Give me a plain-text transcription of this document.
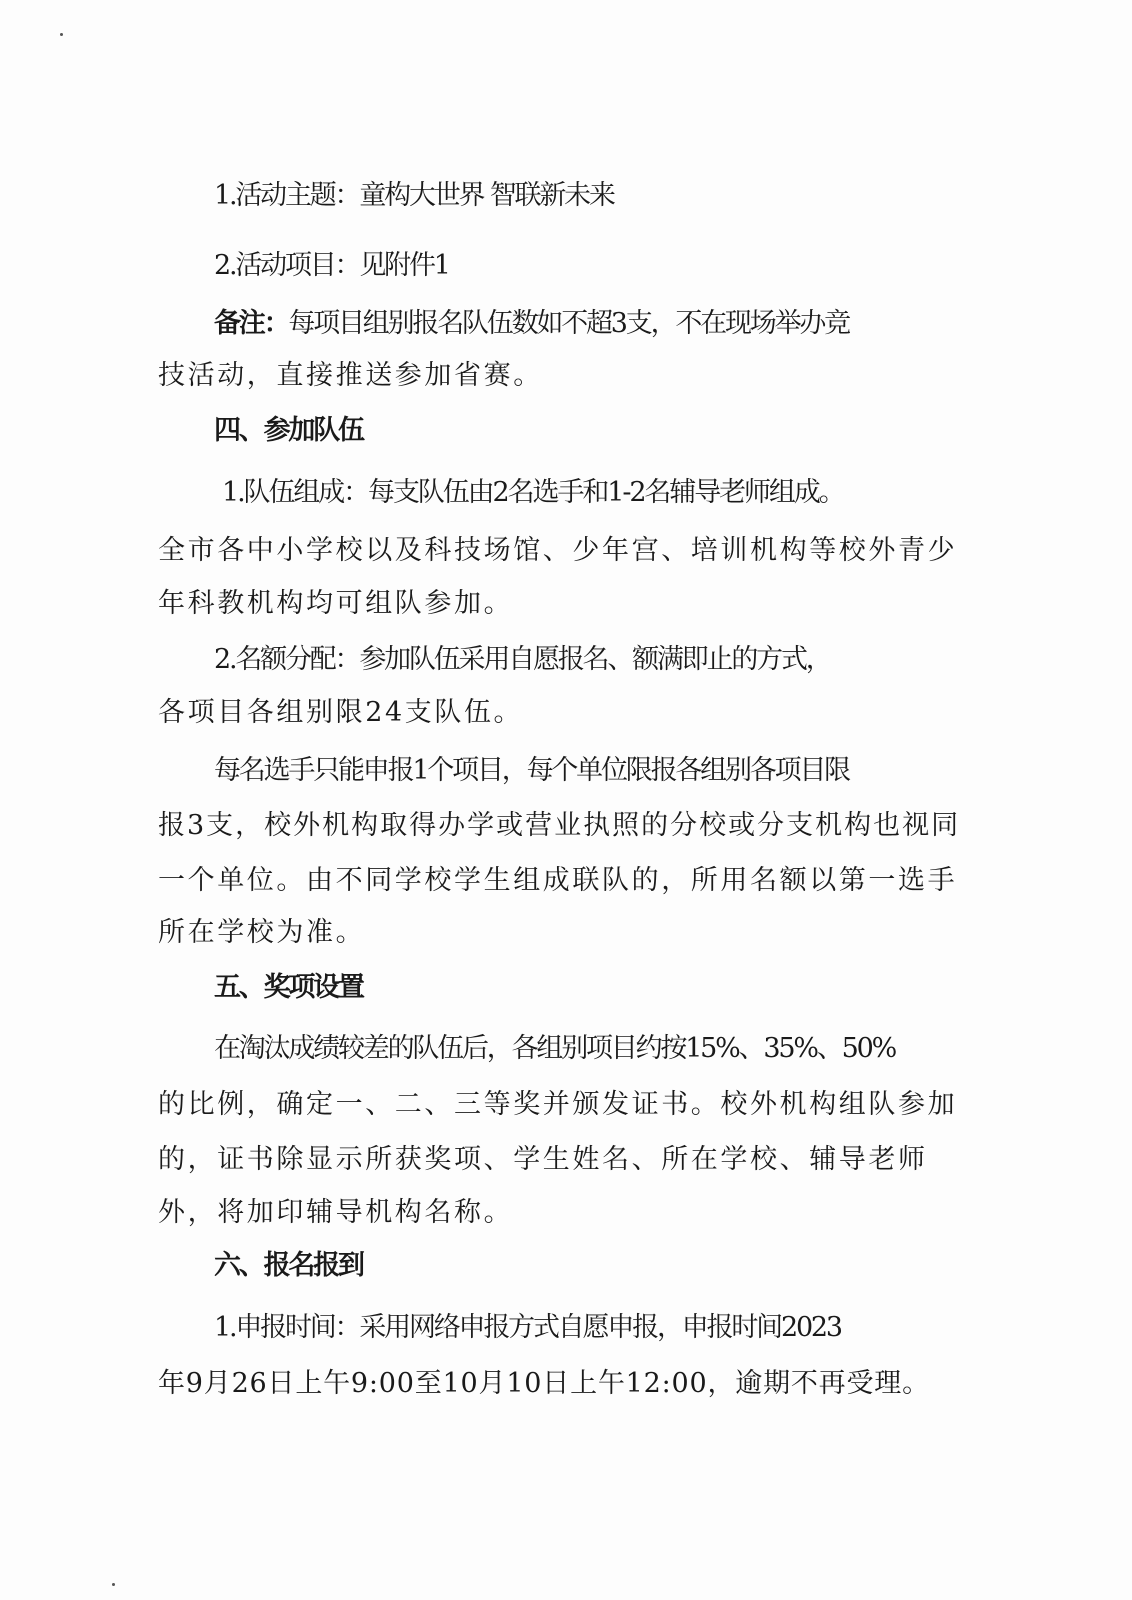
1.活动主题：童构大世界 智联新未来
2.活动项目：见附件1
备注：每项目组别报名队伍数如不超3支，不在现场举办竞
技活动，直接推送参加省赛。
四、参加队伍
1.队伍组成：每支队伍由2名选手和1-2名辅导老师组成。
全市各中小学校以及科技场馆、少年宫、培训机构等校外青少
年科教机构均可组队参加。
2.名额分配：参加队伍采用自愿报名、额满即止的方式，
各项目各组别限24支队伍。
每名选手只能申报1个项目，每个单位限报各组别各项目限
报3支，校外机构取得办学或营业执照的分校或分支机构也视同
一个单位。由不同学校学生组成联队的，所用名额以第一选手
所在学校为准。
五、奖项设置
在淘汰成绩较差的队伍后，各组别项目约按15%、35%、50%
的比例，确定一、二、三等奖并颁发证书。校外机构组队参加
的，证书除显示所获奖项、学生姓名、所在学校、辅导老师
外，将加印辅导机构名称。
六、报名报到
1.申报时间：采用网络申报方式自愿申报，申报时间2023
年9月26日上午9:00至10月10日上午12:00，逾期不再受理。
